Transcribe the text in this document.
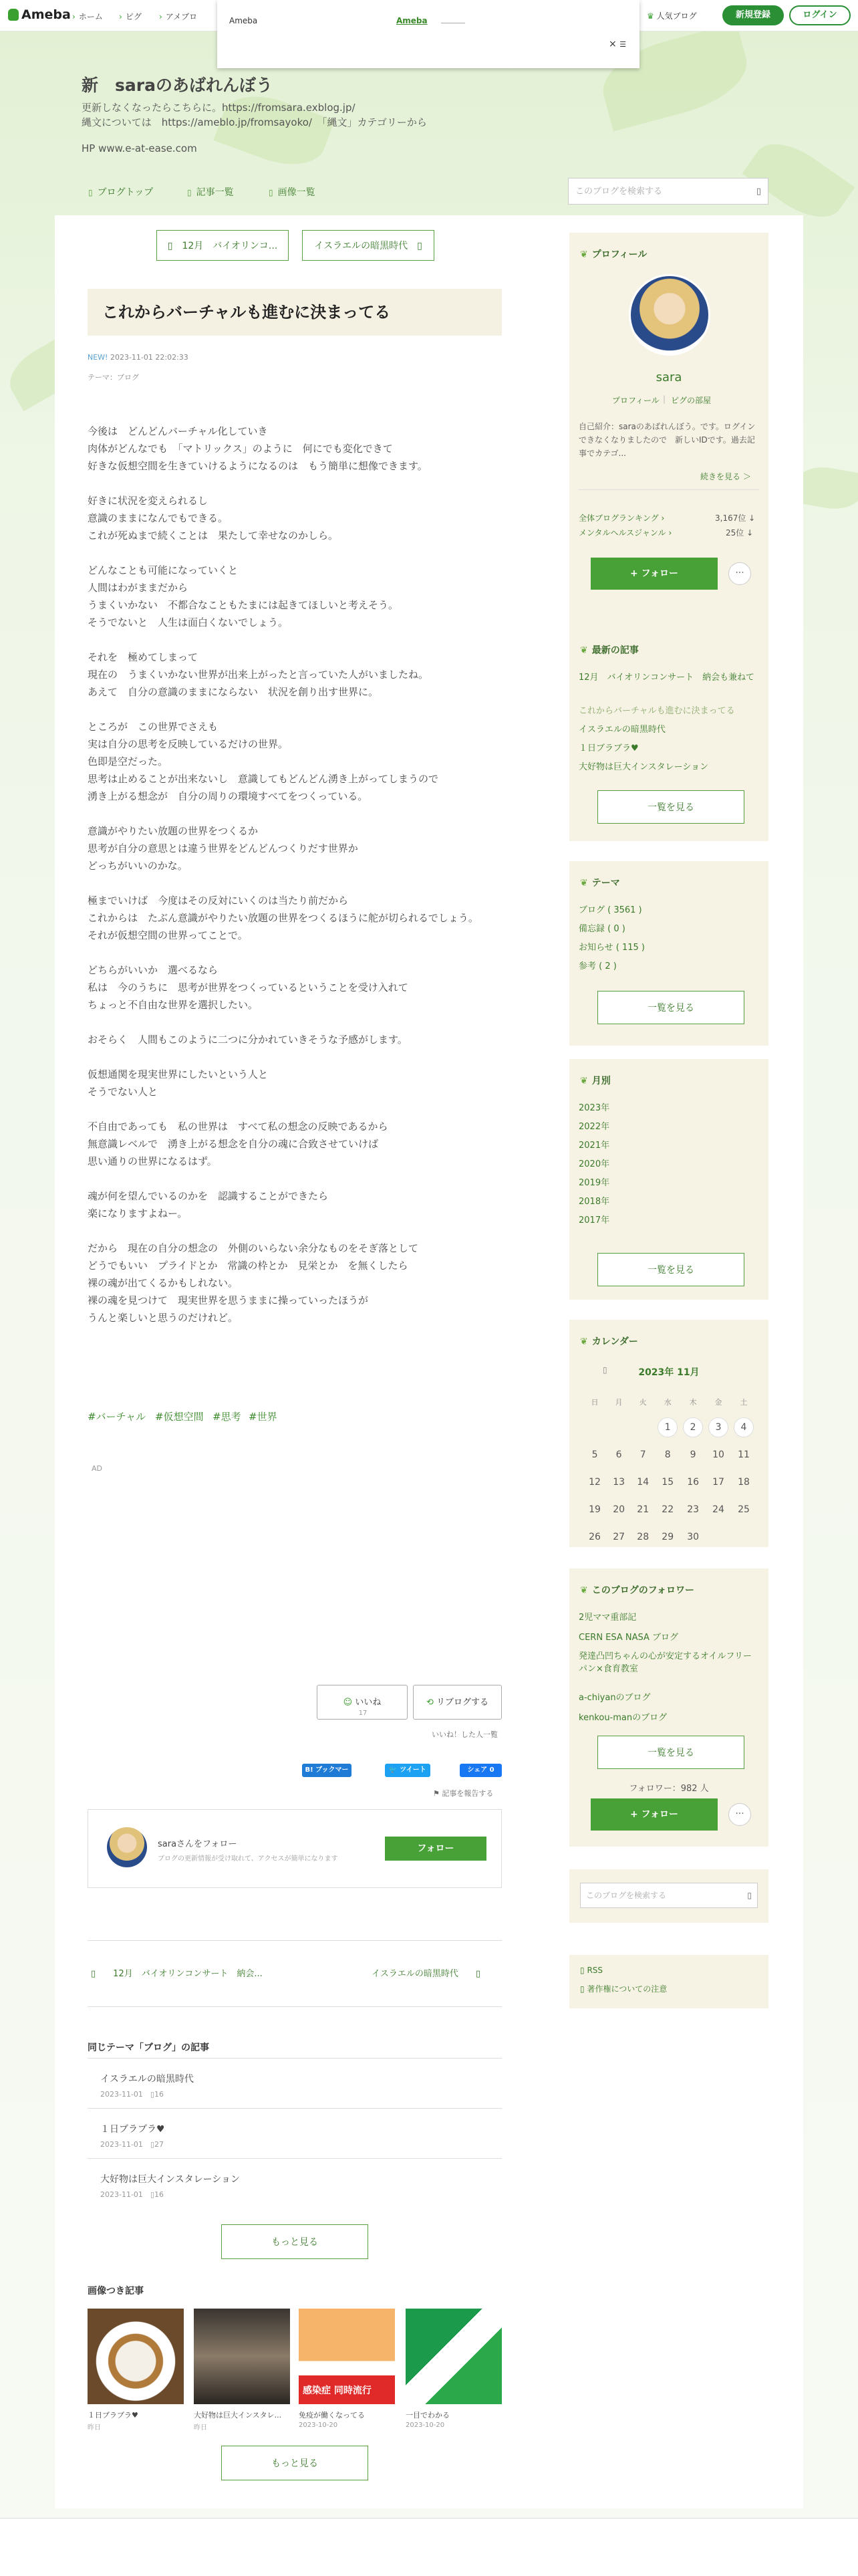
Ameba	› ホーム	› ピグ	› アメブロ	♛ 人気ブログ	新規登録	ログイン
Ameba	Ameba
× ☰
新　saraのあばれんぼう
更新しなくなったらこちらに。https://fromsara.exblog.jp/
縄文については　https://ameblo.jp/fromsayoko/　「縄文」カテゴリーから
HP www.e-at-ease.com
▯ ブログトップ	▯ 記事一覧	▯ 画像一覧	このブログを検索する	▯
▯　 12月　バイオリンコ...	イスラエルの暗黒時代　 ▯
これからバーチャルも進むに決まってる
NEW! 2023-11-01 22:02:33
テーマ：ブログ

今後は　どんどんバーチャル化していき
肉体がどんなでも　「マトリックス」のように　何にでも変化できて
好きな仮想空間を生きていけるようになるのは　もう簡単に想像できます。

好きに状況を変えられるし
意識のままになんでもできる。
これが死ぬまで続くことは　果たして幸せなのかしら。

どんなことも可能になっていくと
人間はわがままだから
うまくいかない　不都合なこともたまには起きてほしいと考えそう。
そうでないと　人生は面白くないでしょう。

それを　極めてしまって
現在の　うまくいかない世界が出来上がったと言っていた人がいましたね。
あえて　自分の意識のままにならない　状況を創り出す世界に。

ところが　この世界でさえも
実は自分の思考を反映しているだけの世界。
色即是空だった。
思考は止めることが出来ないし　意識してもどんどん湧き上がってしまうので
湧き上がる想念が　自分の周りの環境すべてをつくっている。

意識がやりたい放題の世界をつくるか
思考が自分の意思とは違う世界をどんどんつくりだす世界か
どっちがいいのかな。

極までいけば　今度はその反対にいくのは当たり前だから
これからは　たぶん意識がやりたい放題の世界をつくるほうに舵が切られるでしょう。
それが仮想空間の世界ってことで。

どちらがいいか　選べるなら
私は　今のうちに　思考が世界をつくっているということを受け入れて
ちょっと不自由な世界を選択したい。

おそらく　人間もこのように二つに分かれていきそうな予感がします。

仮想通関を現実世界にしたいという人と
そうでない人と

不自由であっても　私の世界は　すべて私の想念の反映であるから
無意識レベルで　湧き上がる想念を自分の魂に合致させていけば
思い通りの世界になるはず。

魂が何を望んでいるのかを　認識することができたら
楽になりますよねー。

だから　現在の自分の想念の　外側のいらない余分なものをそぎ落として
どうでもいい　プライドとか　常識の枠とか　見栄とか　を無くしたら
裸の魂が出てくるかもしれない。
裸の魂を見つけて　現実世界を思うままに操っていったほうが
うんと楽しいと思うのだけれど。

#バーチャル #仮想空間 #思考 #世界
AD
☺ いいね
17
⟲ リブログする
いいね！した人一覧
B! ブックマーク 0
🐦 ツイート	シェア 0
⚑ 記事を報告する
saraさんをフォロー
ブログの更新情報が受け取れて、アクセスが簡単になります
フォロー
▯　　 12月　バイオリンコンサート　納会...	イスラエルの暗黒時代　　 ▯
同じテーマ「ブログ」の記事
イスラエルの暗黒時代
2023-11-01　 ▯16
１日ブラブラ♥
2023-11-01　 ▯27
大好物は巨大インスタレーション
2023-11-01　 ▯16
もっと見る
画像つき記事
感染症 同時流行
１日ブラブラ♥
昨日
大好物は巨大インスタレ...
昨日
免疫が働くなってる
2023-10-20
一目でわかる
2023-10-20
もっと見る
❦ プロフィール
sara
プロフィール | ピグの部屋
自己紹介：saraのあばれんぼう。です。ログインできなくなりましたので　新しいIDです。過去記事でカテゴ...
続きを見る ＞
全体ブログランキング ›	3,167位 ↓
メンタルヘルスジャンル ›	25位 ↓
+ フォロー	···
❦ 最新の記事
12月　バイオリンコンサート　納会も兼ねて
これからバーチャルも進むに決まってる
イスラエルの暗黒時代
１日ブラブラ♥
大好物は巨大インスタレーション
一覧を見る
❦ テーマ
ブログ ( 3561 )
備忘録 ( 0 )
お知らせ ( 115 )
参考 ( 2 )
一覧を見る
❦ 月別
2023年
2022年
2021年
2020年
2019年
2018年
2017年
一覧を見る
❦ カレンダー
▯	2023年 11月
日	月	火	水	木	金	土
			1	2	3	4
5	6	7	8	9	10	11
12	13	14	15	16	17	18
19	20	21	22	23	24	25
26	27	28	29	30		
❦ このブログのフォロワー
2児ママ重部記
CERN ESA NASA ブログ
発達凸凹ちゃんの心が安定するオイルフリーパン×食育教室
a-chiyanのブログ
kenkou-manのブログ
一覧を見る
フォロワー：982 人
+ フォロー	···
このブログを検索する	▯
▯ RSS
▯ 著作権についての注意
